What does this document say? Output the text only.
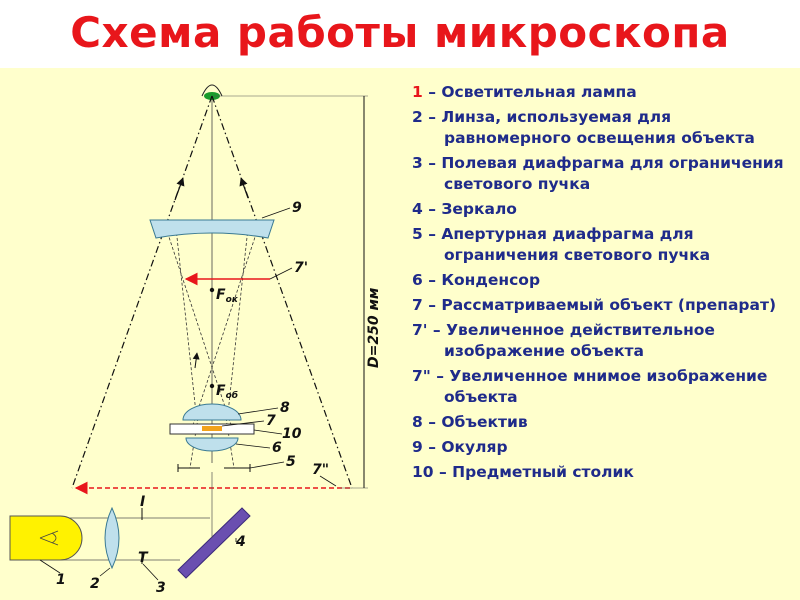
Схема работы микроскопа
9
7'
$F_{ок}$
$F_{об}$
8
7
10
6
5 7"
D=250 мм
4
1 2
I
T
3
1 – Осветительная лампа
2 – Линза, используемая для равномерного освещения объекта
3 – Полевая диафрагма для ограничения светового пучка
4 – Зеркало
5 – Апертурная диафрагма для ограничения светового пучка
6 – Конденсор
7 – Рассматриваемый объект (препарат)
7' – Увеличенное действительное изображение объекта
7" – Увеличенное мнимое изображение объекта
8 – Объектив
9 – Окуляр
10 – Предметный столик
